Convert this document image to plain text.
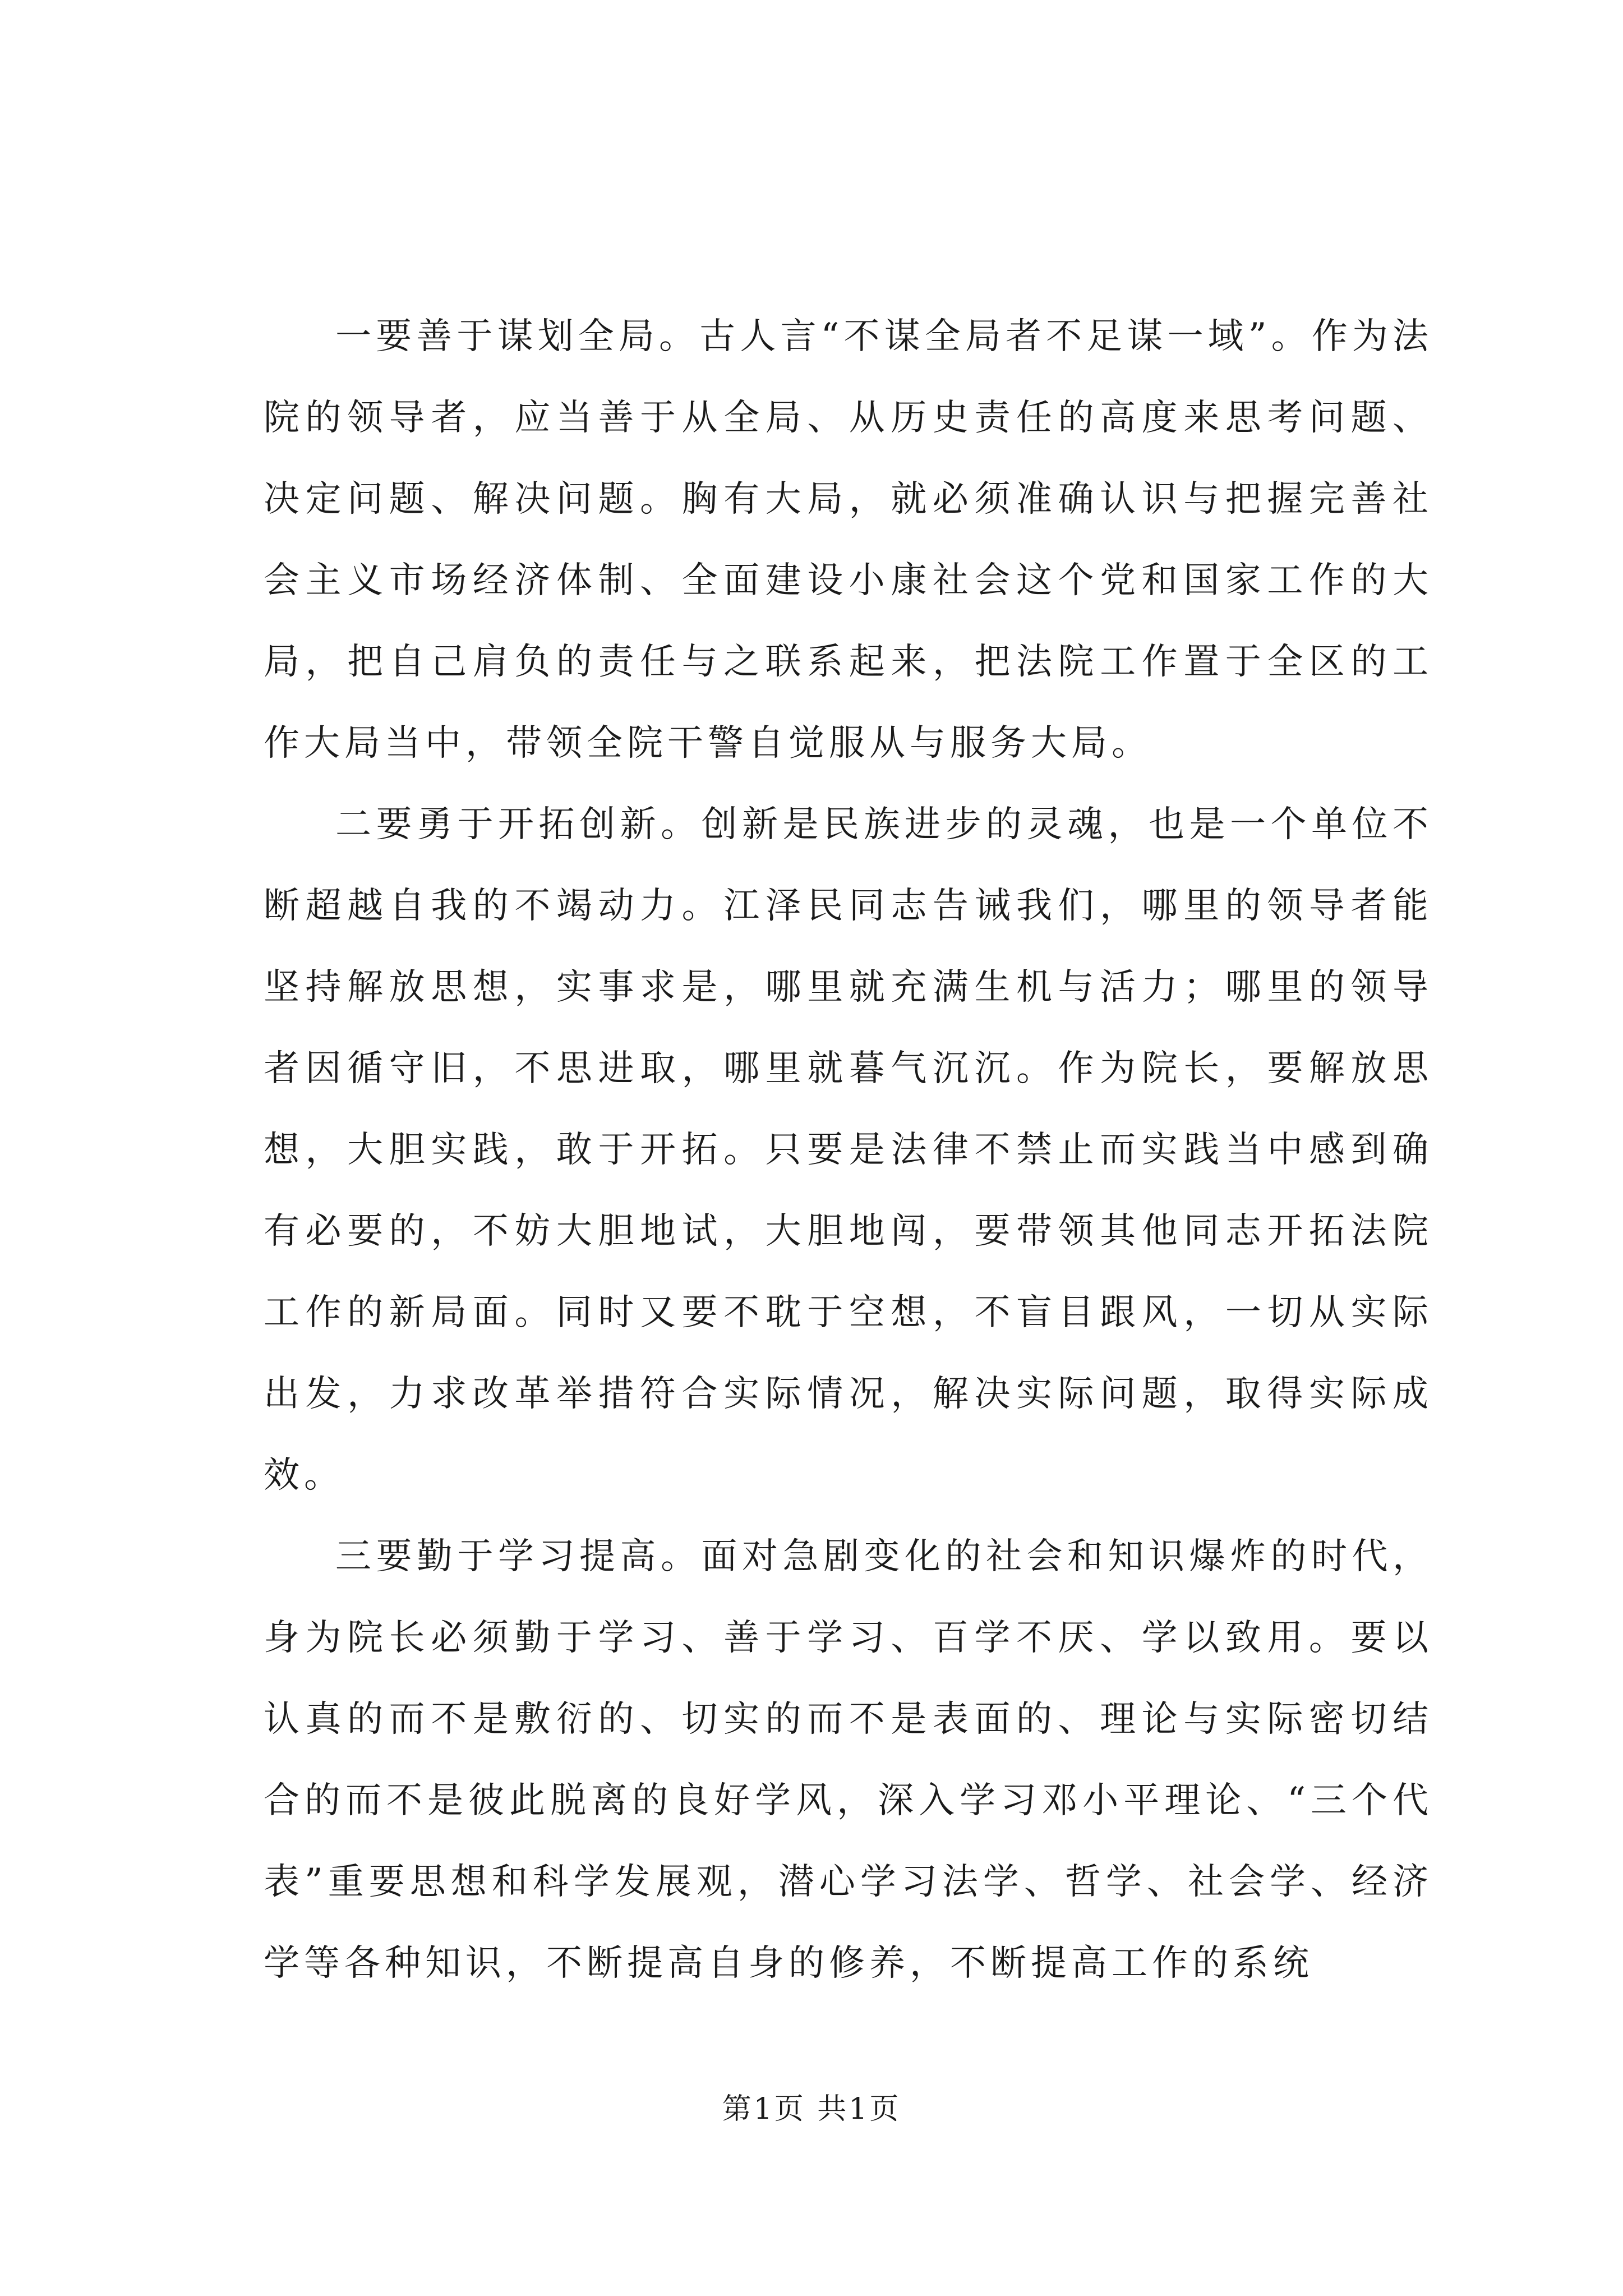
一要善于谋划全局。古人言“不谋全局者不足谋一域”。作为法院的领导者，应当善于从全局、从历史责任的高度来思考问题、决定问题、解决问题。胸有大局，就必须准确认识与把握完善社会主义市场经济体制、全面建设小康社会这个党和国家工作的大局，把自己肩负的责任与之联系起来，把法院工作置于全区的工作大局当中，带领全院干警自觉服从与服务大局。

二要勇于开拓创新。创新是民族进步的灵魂，也是一个单位不断超越自我的不竭动力。江泽民同志告诫我们，哪里的领导者能坚持解放思想，实事求是，哪里就充满生机与活力；哪里的领导者因循守旧，不思进取，哪里就暮气沉沉。作为院长，要解放思想，大胆实践，敢于开拓。只要是法律不禁止而实践当中感到确有必要的，不妨大胆地试，大胆地闯，要带领其他同志开拓法院工作的新局面。同时又要不耽于空想，不盲目跟风，一切从实际出发，力求改革举措符合实际情况，解决实际问题，取得实际成效。

三要勤于学习提高。面对急剧变化的社会和知识爆炸的时代，身为院长必须勤于学习、善于学习、百学不厌、学以致用。要以认真的而不是敷衍的、切实的而不是表面的、理论与实际密切结合的而不是彼此脱离的良好学风，深入学习邓小平理论、“三个代表”重要思想和科学发展观，潜心学习法学、哲学、社会学、经济学等各种知识，不断提高自身的修养，不断提高工作的系统

第1页 共1页
